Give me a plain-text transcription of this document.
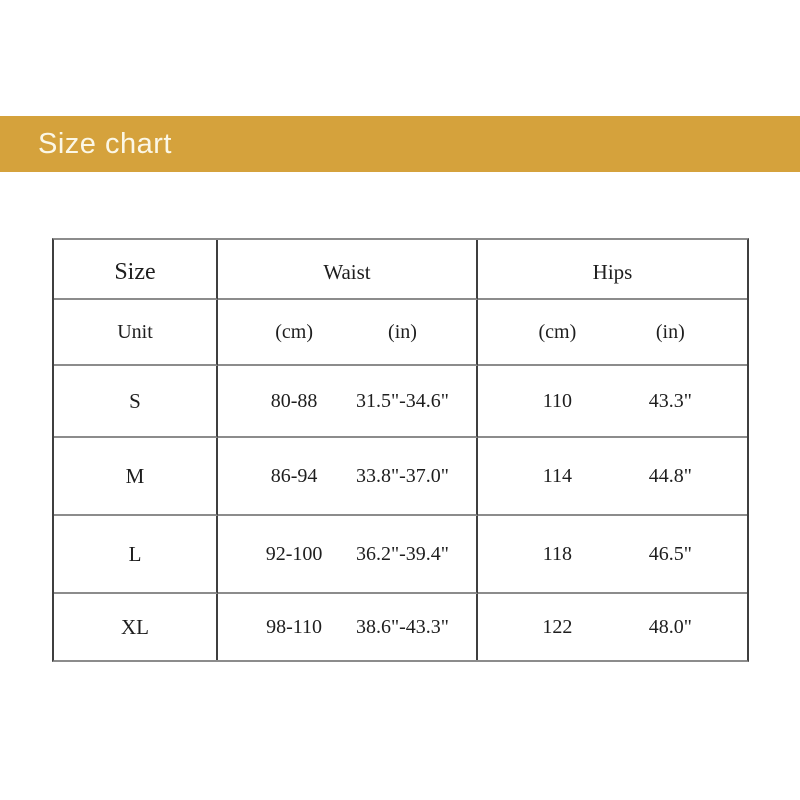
Size chart
Size	Waist	Hips
Unit	(cm)	(in)	(cm)	(in)
S	80-88	31.5"-34.6"	110	43.3"
M	86-94	33.8"-37.0"	114	44.8"
L	92-100	36.2"-39.4"	118	46.5"
XL	98-110	38.6"-43.3"	122	48.0"
